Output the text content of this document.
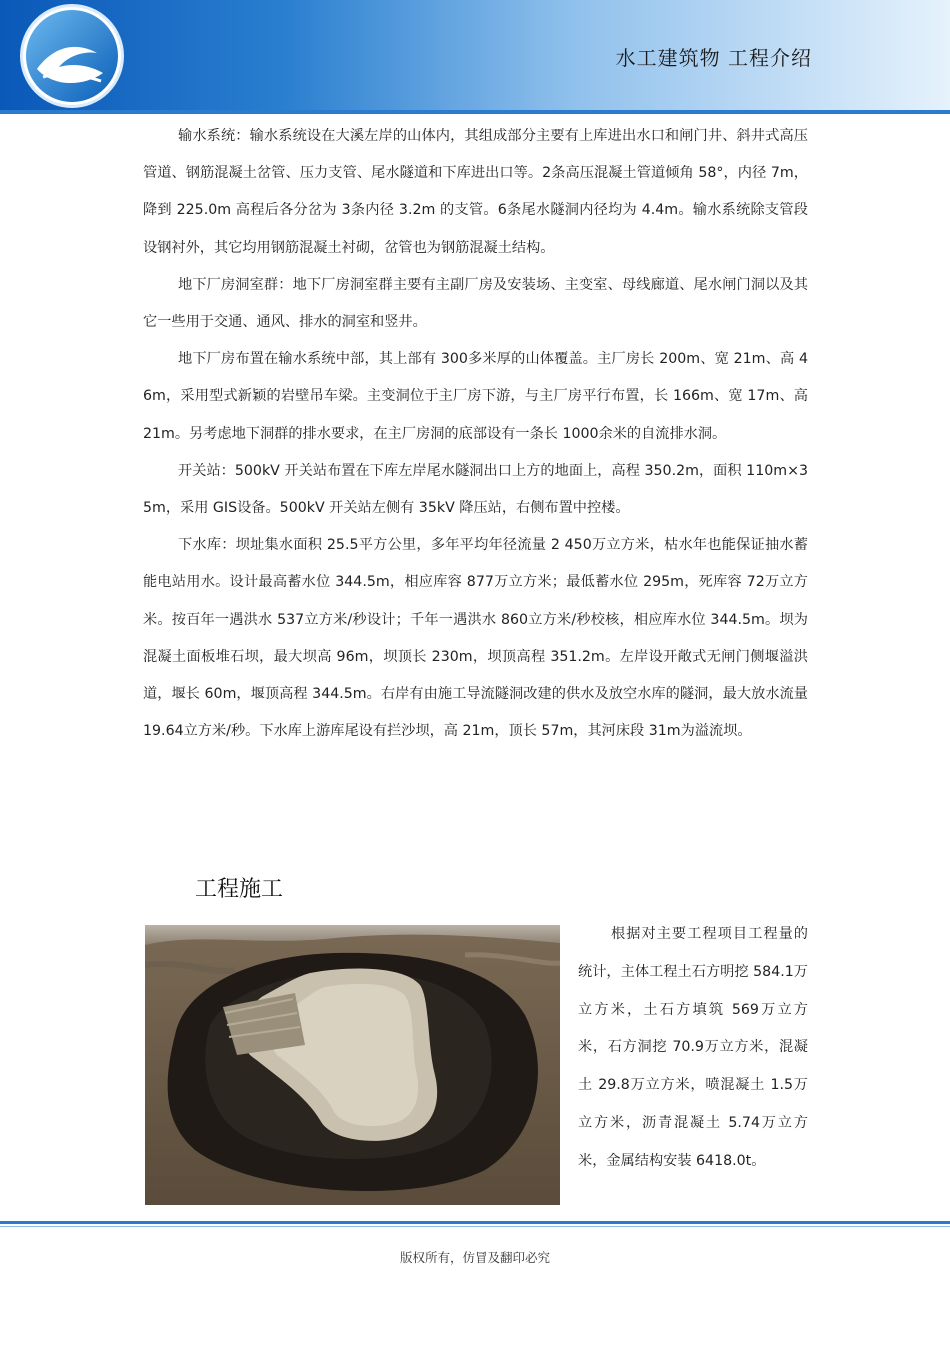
水工建筑物 工程介绍

输水系统：输水系统设在大溪左岸的山体内，其组成部分主要有上库进出水口和闸门井、斜井式高压管道、钢筋混凝土岔管、压力支管、尾水隧道和下库进出口等。2条高压混凝土管道倾角 58°，内径 7m，降到 225.0m 高程后各分岔为 3条内径 3.2m 的支管。6条尾水隧洞内径均为 4.4m。输水系统除支管段设钢衬外，其它均用钢筋混凝土衬砌，岔管也为钢筋混凝土结构。

地下厂房洞室群：地下厂房洞室群主要有主副厂房及安装场、主变室、母线廊道、尾水闸门洞以及其它一些用于交通、通风、排水的洞室和竖井。

地下厂房布置在输水系统中部，其上部有 300多米厚的山体覆盖。主厂房长 200m、宽 21m、高 46m，采用型式新颖的岩壁吊车梁。主变洞位于主厂房下游，与主厂房平行布置，长 166m、宽 17m、高 21m。另考虑地下洞群的排水要求，在主厂房洞的底部设有一条长 1000余米的自流排水洞。

开关站：500kV 开关站布置在下库左岸尾水隧洞出口上方的地面上，高程 350.2m，面积 110m×35m，采用 GIS设备。500kV 开关站左侧有 35kV 降压站，右侧布置中控楼。

下水库：坝址集水面积 25.5平方公里，多年平均年径流量 2 450万立方米，枯水年也能保证抽水蓄能电站用水。设计最高蓄水位 344.5m，相应库容 877万立方米；最低蓄水位 295m，死库容 72万立方米。按百年一遇洪水 537立方米/秒设计；千年一遇洪水 860立方米/秒校核，相应库水位 344.5m。坝为混凝土面板堆石坝，最大坝高 96m，坝顶长 230m，坝顶高程 351.2m。左岸设开敞式无闸门侧堰溢洪道，堰长 60m，堰顶高程 344.5m。右岸有由施工导流隧洞改建的供水及放空水库的隧洞，最大放水流量 19.64立方米/秒。下水库上游库尾设有拦沙坝，高 21m，顶长 57m，其河床段 31m为溢流坝。

工程施工

根据对主要工程项目工程量的统计，主体工程土石方明挖 584.1万立方米，土石方填筑 569万立方米，石方洞挖 70.9万立方米，混凝土 29.8万立方米，喷混凝土 1.5万立方米，沥青混凝土 5.74万立方米，金属结构安装 6418.0t。

版权所有，仿冒及翻印必究
